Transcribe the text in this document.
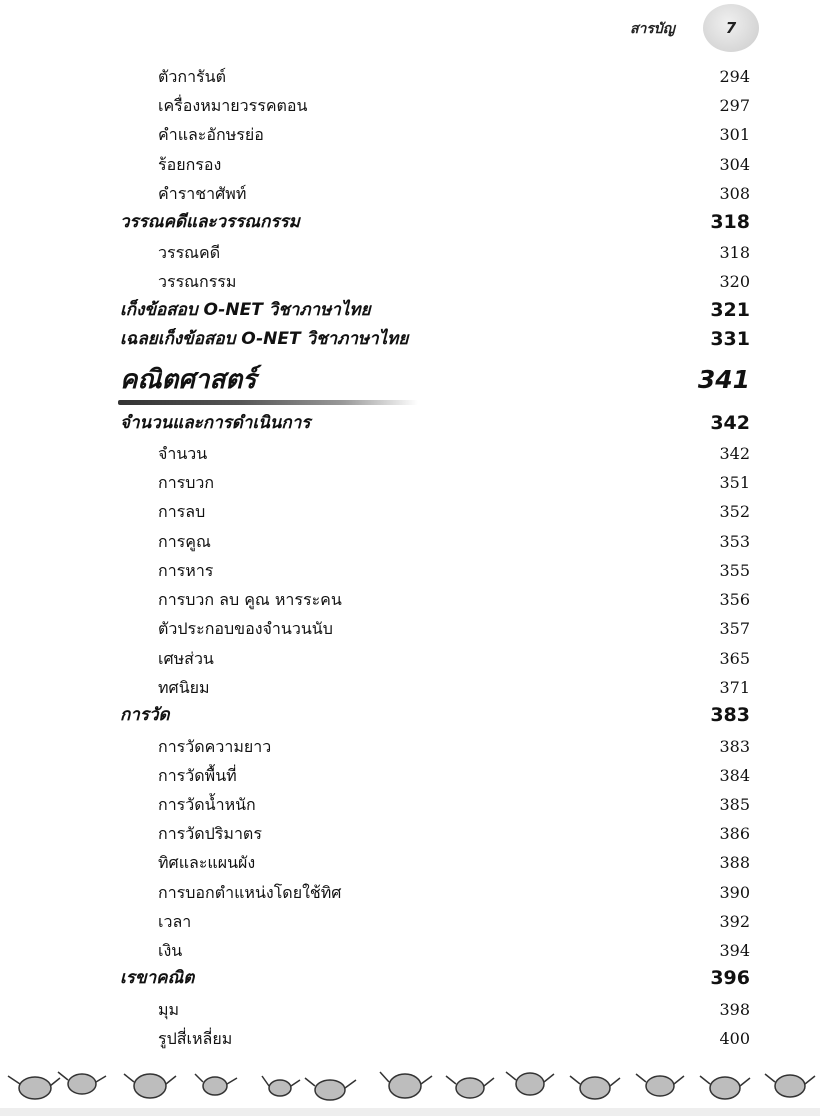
สารบัญ	7
ตัวการันต์	294
เครื่องหมายวรรคตอน	297
คำและอักษรย่อ	301
ร้อยกรอง	304
คำราชาศัพท์	308
วรรณคดีและวรรณกรรม	318
วรรณคดี	318
วรรณกรรม	320
เก็งข้อสอบ O-NET วิชาภาษาไทย	321
เฉลยเก็งข้อสอบ O-NET วิชาภาษาไทย	331
คณิตศาสตร์	341
จำนวนและการดำเนินการ	342
จำนวน	342
การบวก	351
การลบ	352
การคูณ	353
การหาร	355
การบวก ลบ คูณ หารระคน	356
ตัวประกอบของจำนวนนับ	357
เศษส่วน	365
ทศนิยม	371
การวัด	383
การวัดความยาว	383
การวัดพื้นที่	384
การวัดน้ำหนัก	385
การวัดปริมาตร	386
ทิศและแผนผัง	388
การบอกตำแหน่งโดยใช้ทิศ	390
เวลา	392
เงิน	394
เรขาคณิต	396
มุม	398
รูปสี่เหลี่ยม	400
